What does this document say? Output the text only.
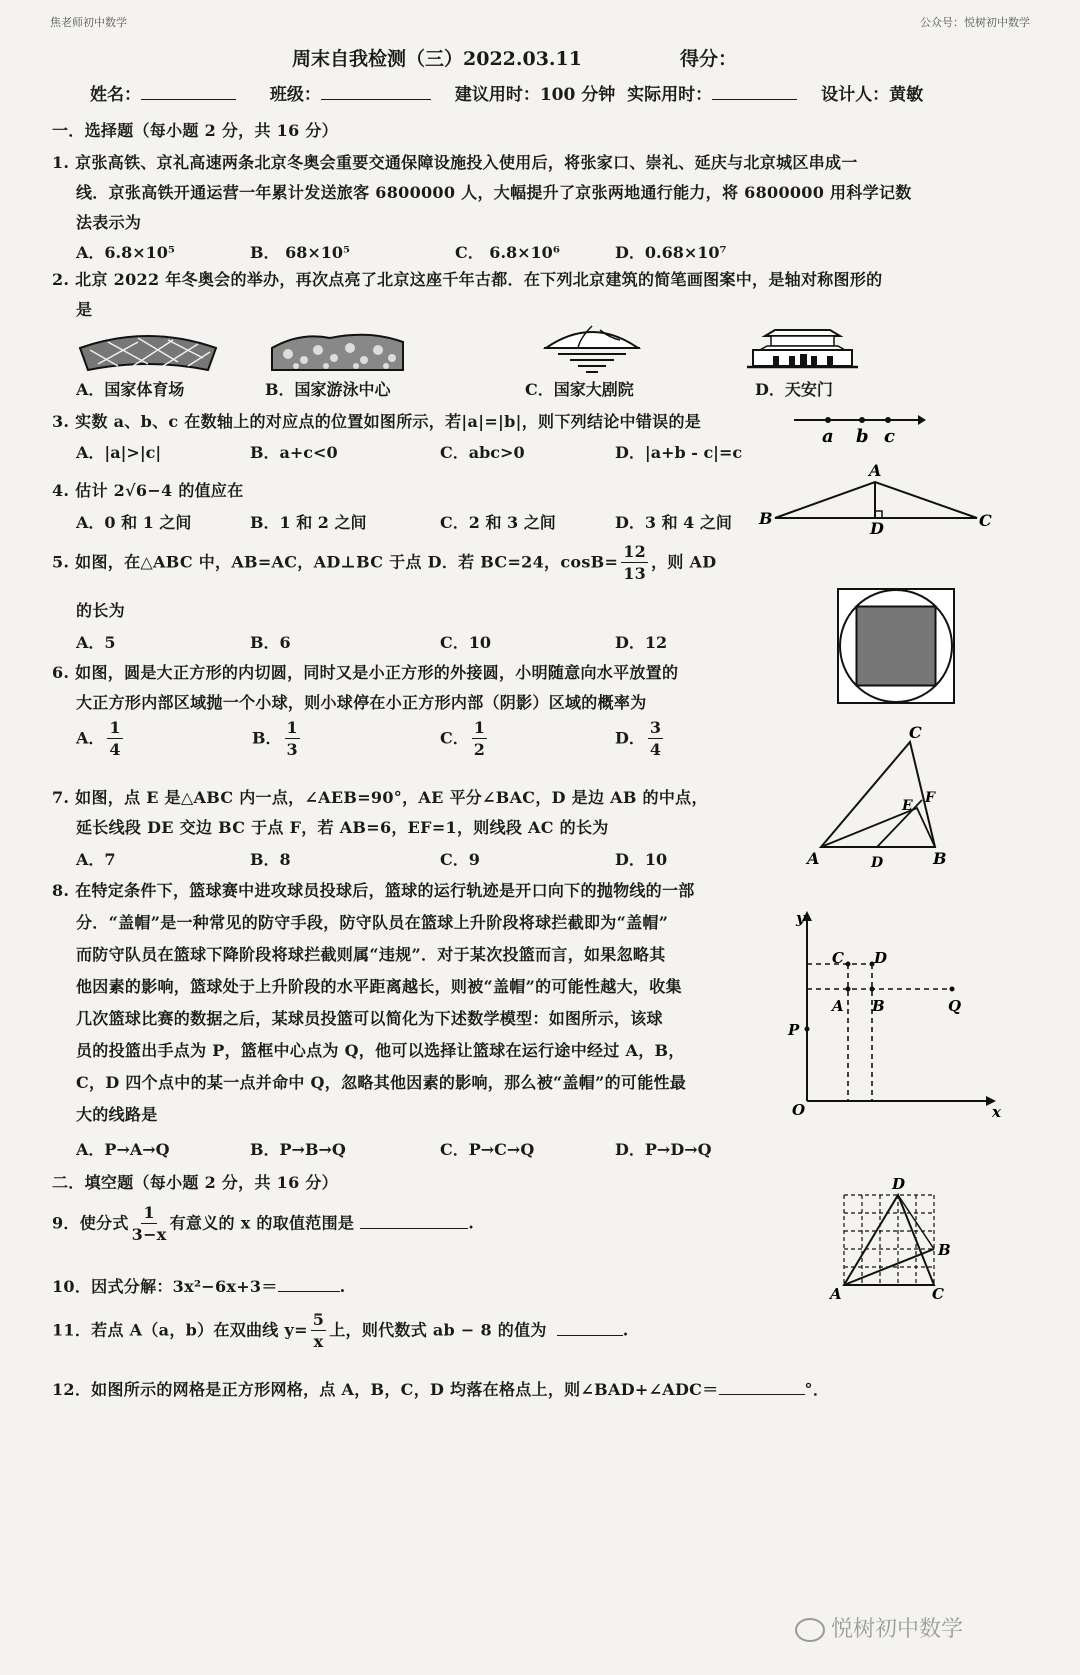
焦老师初中数学	公众号：悦树初中数学
周末自我检测（三）2022.03.11	得分：
姓名：	班级：	建议用时：100 分钟 实际用时：	设计人：黄敏
一．选择题（每小题 2 分，共 16 分）
1. 京张高铁、京礼高速两条北京冬奥会重要交通保障设施投入使用后，将张家口、崇礼、延庆与北京城区串成一
线．京张高铁开通运营一年累计发送旅客 6800000 人，大幅提升了京张两地通行能力，将 6800000 用科学记数
法表示为
A．6.8×10⁵	B． 68×10⁵	C． 6.8×10⁶	D．0.68×10⁷
2. 北京 2022 年冬奥会的举办，再次点亮了北京这座千年古都．在下列北京建筑的简笔画图案中，是轴对称图形的
是
A．国家体育场	B．国家游泳中心	C．国家大剧院	D．天安门
3. 实数 a、b、c 在数轴上的对应点的位置如图所示，若|a|=|b|，则下列结论中错误的是
A．|a|>|c|	B．a+c<0	C．abc>0	D．|a+b - c|=c
a b c
4. 估计 2√6−4 的值应在
A．0 和 1 之间	B．1 和 2 之间	C．2 和 3 之间	D．3 和 4 之间
A
B	C
D
5. 如图，在△ABC 中，AB=AC，AD⊥BC 于点 D．若 BC=24，$\cos B= \frac{12}{13}$ ，则 AD
的长为
A．5	B．6	C．10	D．12
6. 如图，圆是大正方形的内切圆，同时又是小正方形的外接圆，小明随意向水平放置的
大正方形内部区域抛一个小球，则小球停在小正方形内部（阴影）区域的概率为
A． $\frac{1}{4}$	B． $\frac{1}{3}$	C． $\frac{1}{2}$	D． $\frac{3}{4}$
7. 如图，点 E 是△ABC 内一点，∠AEB=90°，AE 平分∠BAC，D 是边 AB 的中点，
延长线段 DE 交边 BC 于点 F，若 AB=6，EF=1，则线段 AC 的长为
A．7	B．8	C．9	D．10
C
E F
A	D	B
8. 在特定条件下，篮球赛中进攻球员投球后，篮球的运行轨迹是开口向下的抛物线的一部
分．“盖帽”是一种常见的防守手段，防守队员在篮球上升阶段将球拦截即为“盖帽”
而防守队员在篮球下降阶段将球拦截则属“违规”．对于某次投篮而言，如果忽略其
他因素的影响，篮球处于上升阶段的水平距离越长，则被“盖帽”的可能性越大，收集
几次篮球比赛的数据之后，某球员投篮可以简化为下述数学模型：如图所示，该球
员的投篮出手点为 P，篮框中心点为 Q，他可以选择让篮球在运行途中经过 A，B，
C，D 四个点中的某一点并命中 Q，忽略其他因素的影响，那么被“盖帽”的可能性最
大的线路是
A．P→A→Q	B．P→B→Q	C．P→C→Q	D．P→D→Q
y
C D
A B	Q
P
O	x
二．填空题（每小题 2 分，共 16 分）
9．使分式 $\frac{1}{3-x}$ 有意义的 x 的取值范围是	.
10．因式分解：3x²−6x+3＝	.
11．若点 A（a，b）在双曲线 $y= \frac{5}{x}$ 上，则代数式 ab − 8 的值为	.
12．如图所示的网格是正方形网格，点 A，B，C，D 均落在格点上，则∠BAD+∠ADC＝	°．
D
B
A	C
悦树初中数学
